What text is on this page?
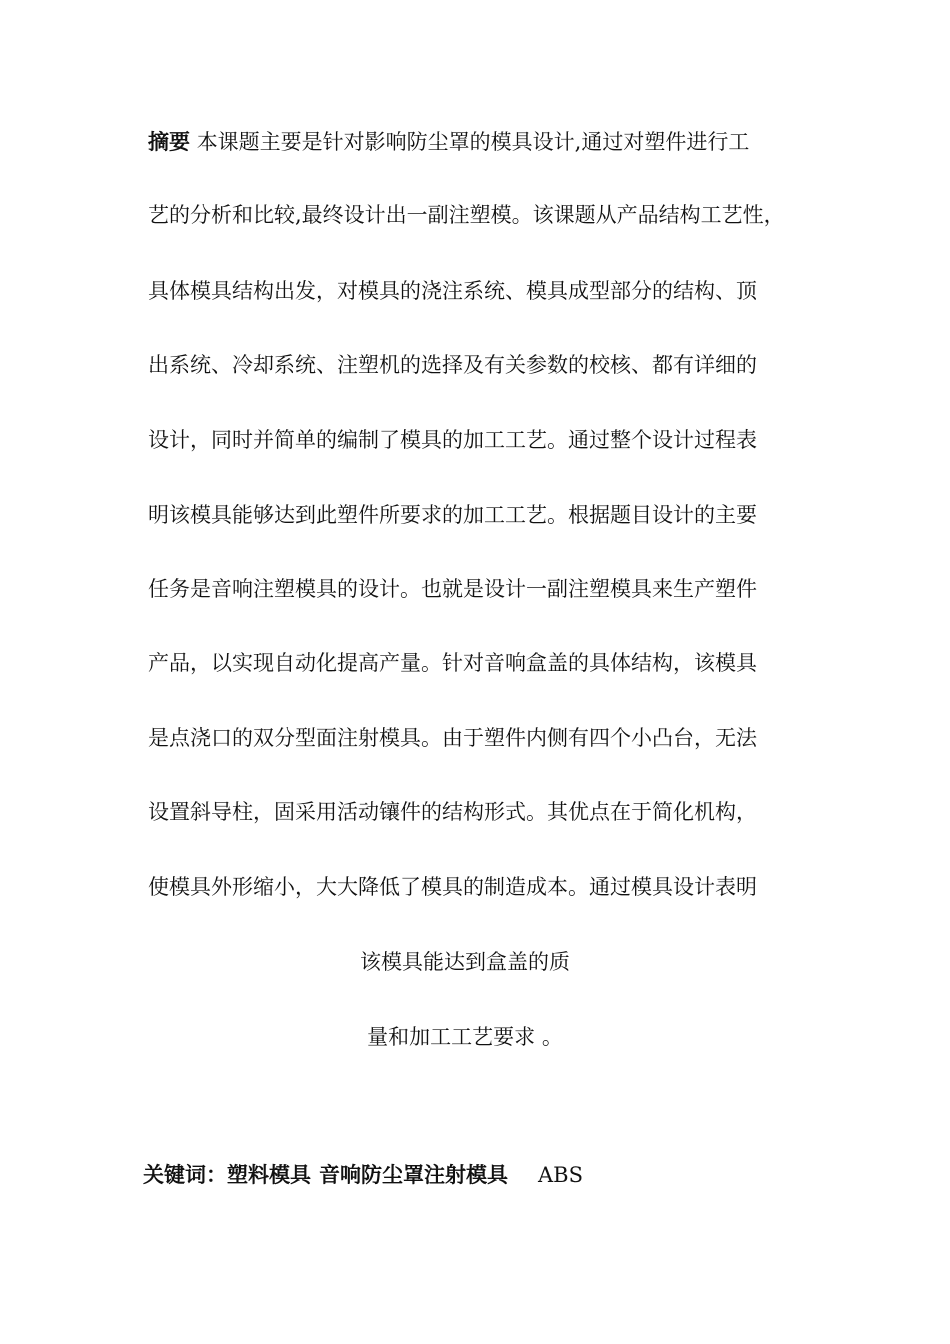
摘要 本课题主要是针对影响防尘罩的模具设计,通过对塑件进行工
艺的分析和比较,最终设计出一副注塑模。该课题从产品结构工艺性，
具体模具结构出发，对模具的浇注系统、模具成型部分的结构、顶
出系统、冷却系统、注塑机的选择及有关参数的校核、都有详细的
设计，同时并简单的编制了模具的加工工艺。通过整个设计过程表
明该模具能够达到此塑件所要求的加工工艺。根据题目设计的主要
任务是音响注塑模具的设计。也就是设计一副注塑模具来生产塑件
产品，以实现自动化提高产量。针对音响盒盖的具体结构，该模具
是点浇口的双分型面注射模具。由于塑件内侧有四个小凸台，无法
设置斜导柱，固采用活动镶件的结构形式。其优点在于简化机构，
使模具外形缩小，大大降低了模具的制造成本。通过模具设计表明
该模具能达到盒盖的质
量和加工工艺要求 。
关键词：塑料模具 音响防尘罩注射模具 ABS
